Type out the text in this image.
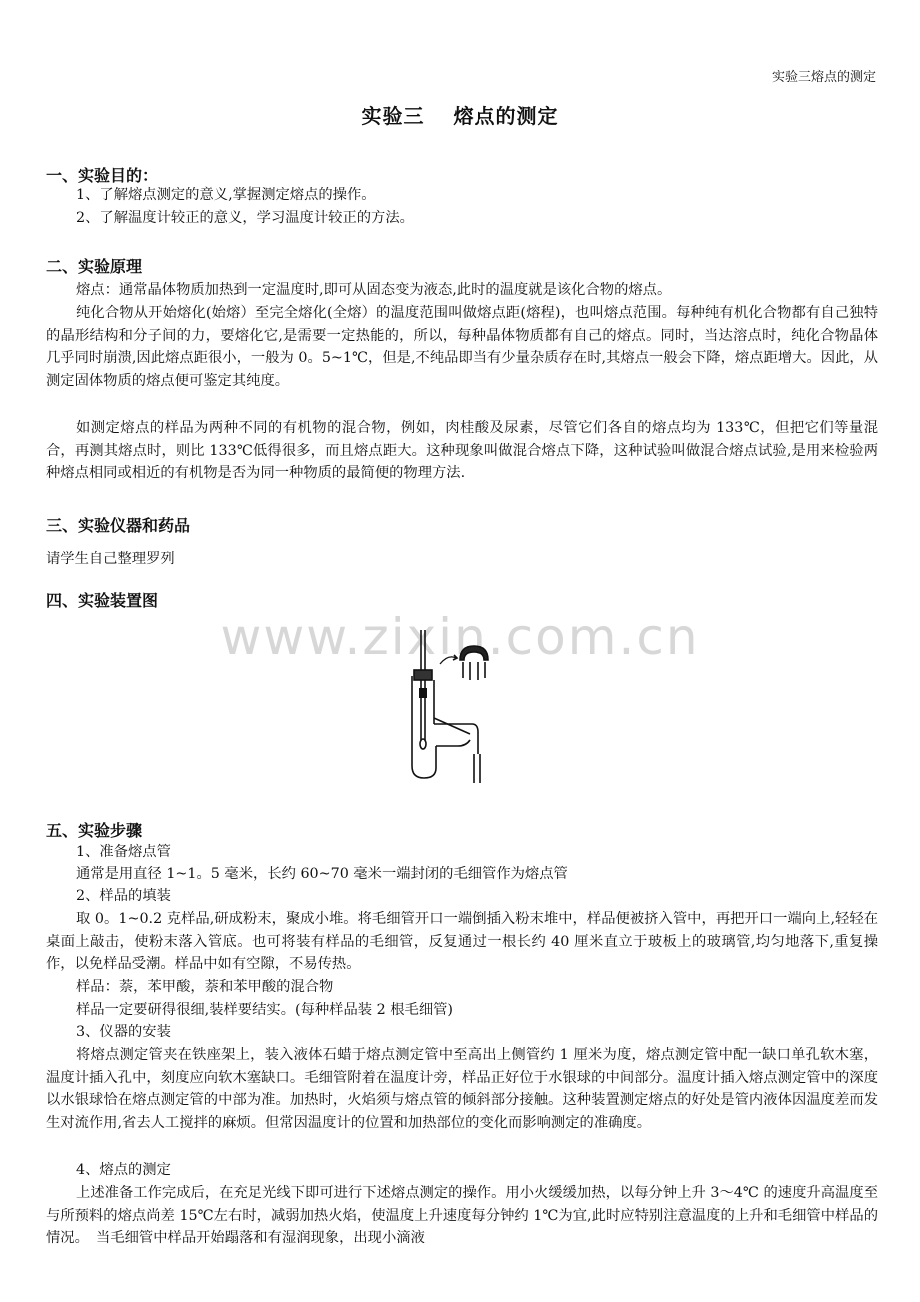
实验三熔点的测定
实验三　 熔点的测定
一、实验目的：
1、了解熔点测定的意义,掌握测定熔点的操作。
2、了解温度计较正的意义，学习温度计较正的方法。
二、实验原理

熔点：通常晶体物质加热到一定温度时,即可从固态变为液态,此时的温度就是该化合物的熔点。

纯化合物从开始熔化(始熔）至完全熔化(全熔）的温度范围叫做熔点距(熔程)，也叫熔点范围。每种纯有机化合物都有自己独特的晶形结构和分子间的力，要熔化它,是需要一定热能的，所以，每种晶体物质都有自己的熔点。同时，当达溶点时，纯化合物晶体几乎同时崩溃,因此熔点距很小，一般为 0。5~1℃，但是,不纯品即当有少量杂质存在时,其熔点一般会下降，熔点距增大。因此，从测定固体物质的熔点便可鉴定其纯度。

如测定熔点的样品为两种不同的有机物的混合物，例如，肉桂酸及尿素，尽管它们各自的熔点均为 133℃，但把它们等量混合，再测其熔点时，则比 133℃低得很多，而且熔点距大。这种现象叫做混合熔点下降，这种试验叫做混合熔点试验,是用来检验两种熔点相同或相近的有机物是否为同一种物质的最简便的物理方法.

三、实验仪器和药品
请学生自己整理罗列
四、实验装置图
www.zixin.com.cn
五、实验步骤
1、准备熔点管
通常是用直径 1~1。5 毫米，长约 60~70 毫米一端封闭的毛细管作为熔点管
2、样品的填装

取 0。1~0.2 克样品,研成粉末，聚成小堆。将毛细管开口一端倒插入粉末堆中，样品便被挤入管中，再把开口一端向上,轻轻在桌面上敲击，使粉末落入管底。也可将装有样品的毛细管，反复通过一根长约 40 厘米直立于玻板上的玻璃管,均匀地落下,重复操作，以免样品受潮。样品中如有空隙，不易传热。

样品：萘，苯甲酸，萘和苯甲酸的混合物
样品一定要研得很细,装样要结实。(每种样品装 2 根毛细管)
3、仪器的安装

将熔点测定管夹在铁座架上，装入液体石蜡于熔点测定管中至高出上侧管约 1 厘米为度，熔点测定管中配一缺口单孔软木塞，温度计插入孔中，刻度应向软木塞缺口。毛细管附着在温度计旁，样品正好位于水银球的中间部分。温度计插入熔点测定管中的深度以水银球恰在熔点测定管的中部为准。加热时，火焰须与熔点管的倾斜部分接触。这种装置测定熔点的好处是管内液体因温度差而发生对流作用,省去人工搅拌的麻烦。但常因温度计的位置和加热部位的变化而影响测定的准确度。

4、熔点的测定

上述准备工作完成后，在充足光线下即可进行下述熔点测定的操作。用小火缓缓加热，以每分钟上升 3～4℃ 的速度升高温度至与所预料的熔点尚差 15℃左右时，减弱加热火焰，使温度上升速度每分钟约 1℃为宜,此时应特别注意温度的上升和毛细管中样品的情况。　当毛细管中样品开始蹋落和有湿润现象，出现小滴液
